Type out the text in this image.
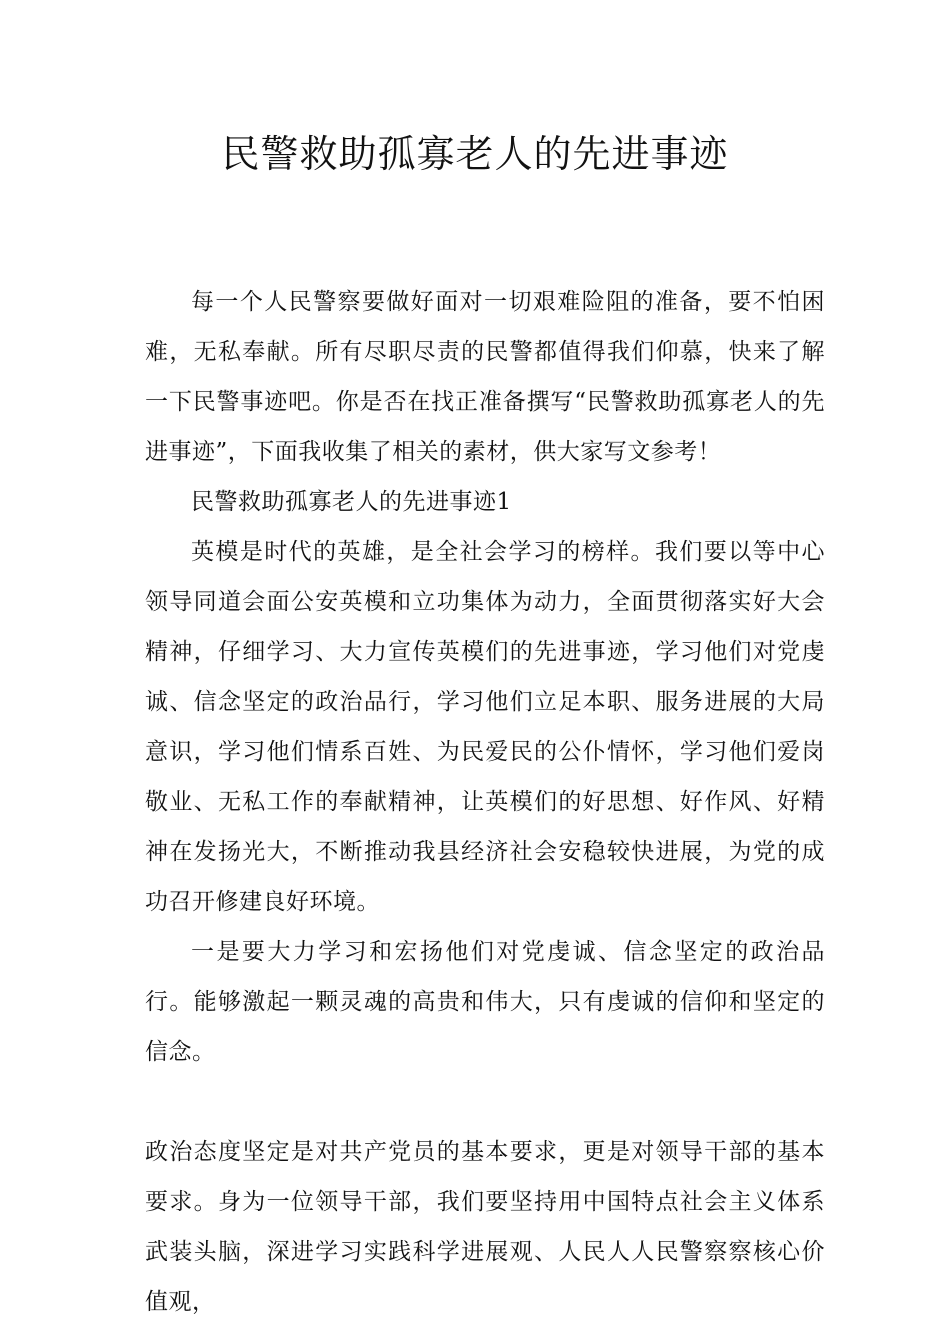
民警救助孤寡老人的先进事迹

每一个人民警察要做好面对一切艰难险阻的准备，要不怕困难，无私奉献。所有尽职尽责的民警都值得我们仰慕，快来了解一下民警事迹吧。你是否在找正准备撰写“民警救助孤寡老人的先进事迹”，下面我收集了相关的素材，供大家写文参考！

民警救助孤寡老人的先进事迹1

英模是时代的英雄，是全社会学习的榜样。我们要以等中心领导同道会面公安英模和立功集体为动力，全面贯彻落实好大会精神，仔细学习、大力宣传英模们的先进事迹，学习他们对党虔诚、信念坚定的政治品行，学习他们立足本职、服务进展的大局意识，学习他们情系百姓、为民爱民的公仆情怀，学习他们爱岗敬业、无私工作的奉献精神，让英模们的好思想、好作风、好精神在发扬光大，不断推动我县经济社会安稳较快进展，为党的成功召开修建良好环境。

一是要大力学习和宏扬他们对党虔诚、信念坚定的政治品行。能够激起一颗灵魂的高贵和伟大，只有虔诚的信仰和坚定的信念。

政治态度坚定是对共产党员的基本要求，更是对领导干部的基本要求。身为一位领导干部，我们要坚持用中国特点社会主义体系武装头脑，深进学习实践科学进展观、人民人人民警察察核心价值观，
